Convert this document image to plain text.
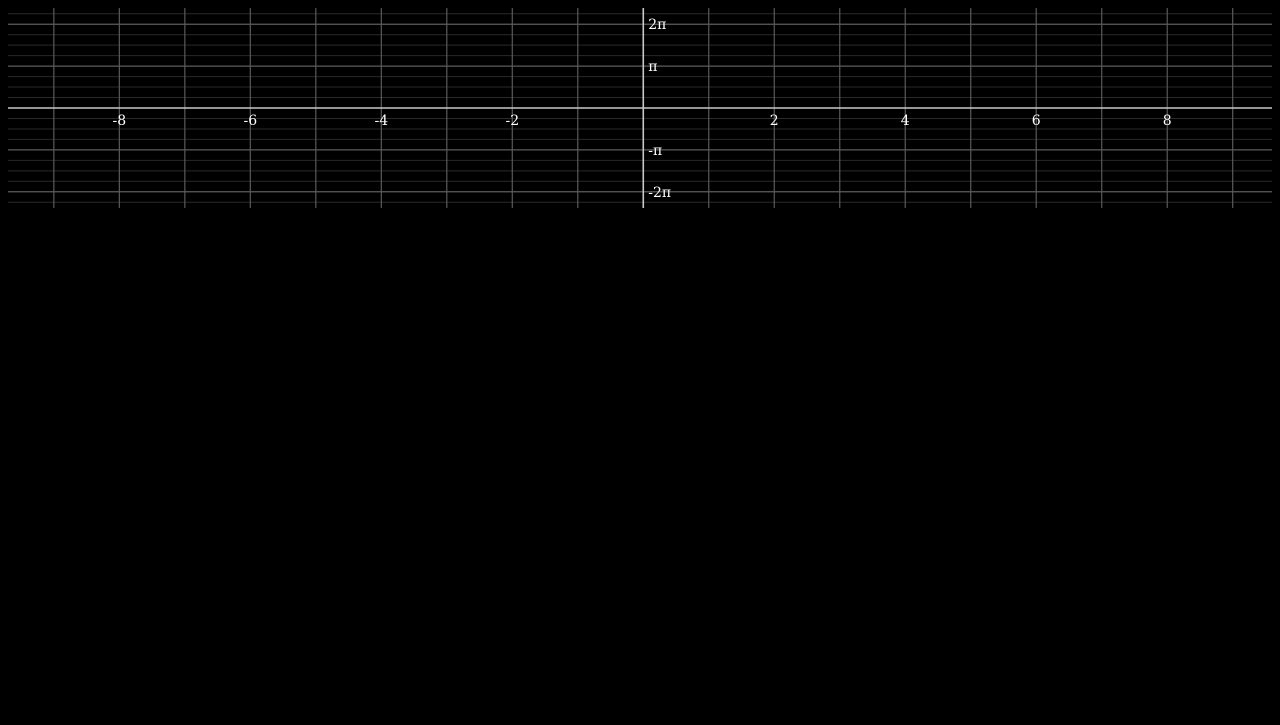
-8	-6	-4	-2	2	4	6	8
2π
π
-π
-2π
